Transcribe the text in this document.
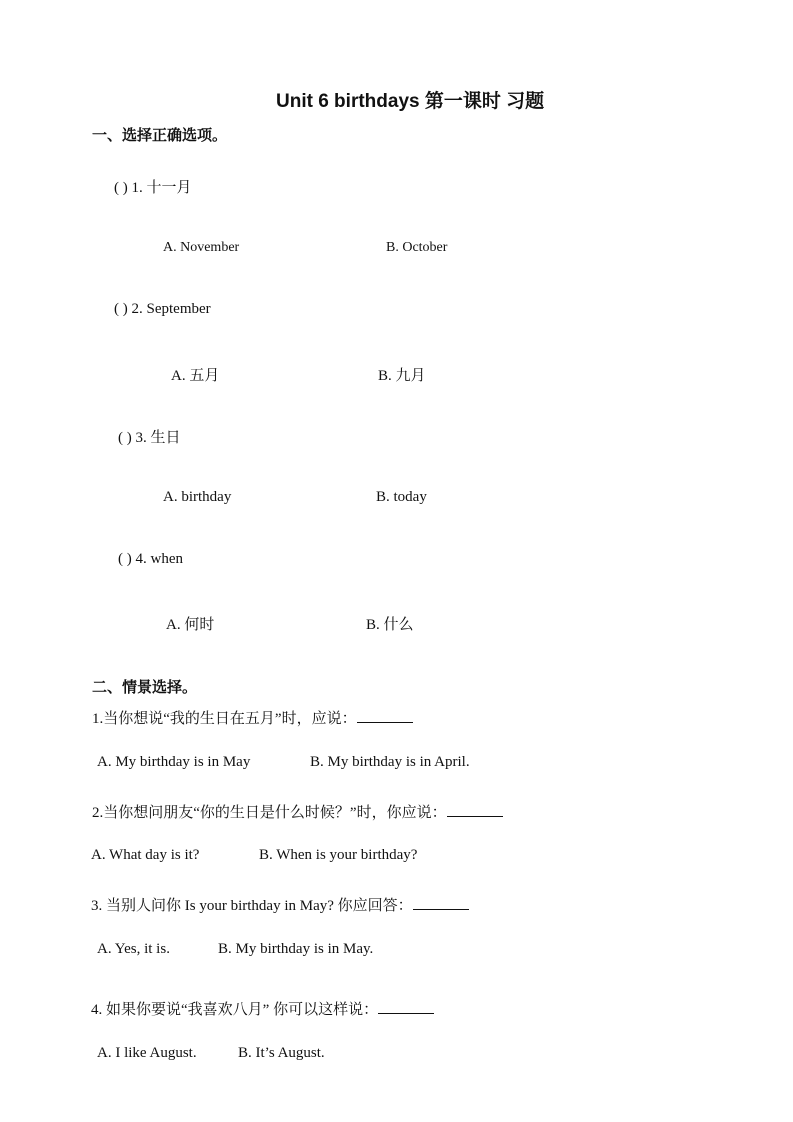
Unit 6 birthdays 第一课时 习题
一、选择正确选项。
( ) 1. 十一月
A. November	B. October
( ) 2. September
A. 五月	B. 九月
( ) 3. 生日
A. birthday	B. today
( ) 4. when
A. 何时	B. 什么
二、情景选择。
1.当你想说“我的生日在五月”时，应说：
A. My birthday is in May	B. My birthday is in April.
2.当你想问朋友“你的生日是什么时候？”时，你应说：
A. What day is it?	B. When is your birthday?
3. 当别人问你 Is your birthday in May? 你应回答：
A. Yes, it is.	B. My birthday is in May.
4. 如果你要说“我喜欢八月” 你可以这样说：
A. I like August.	B. It’s August.
